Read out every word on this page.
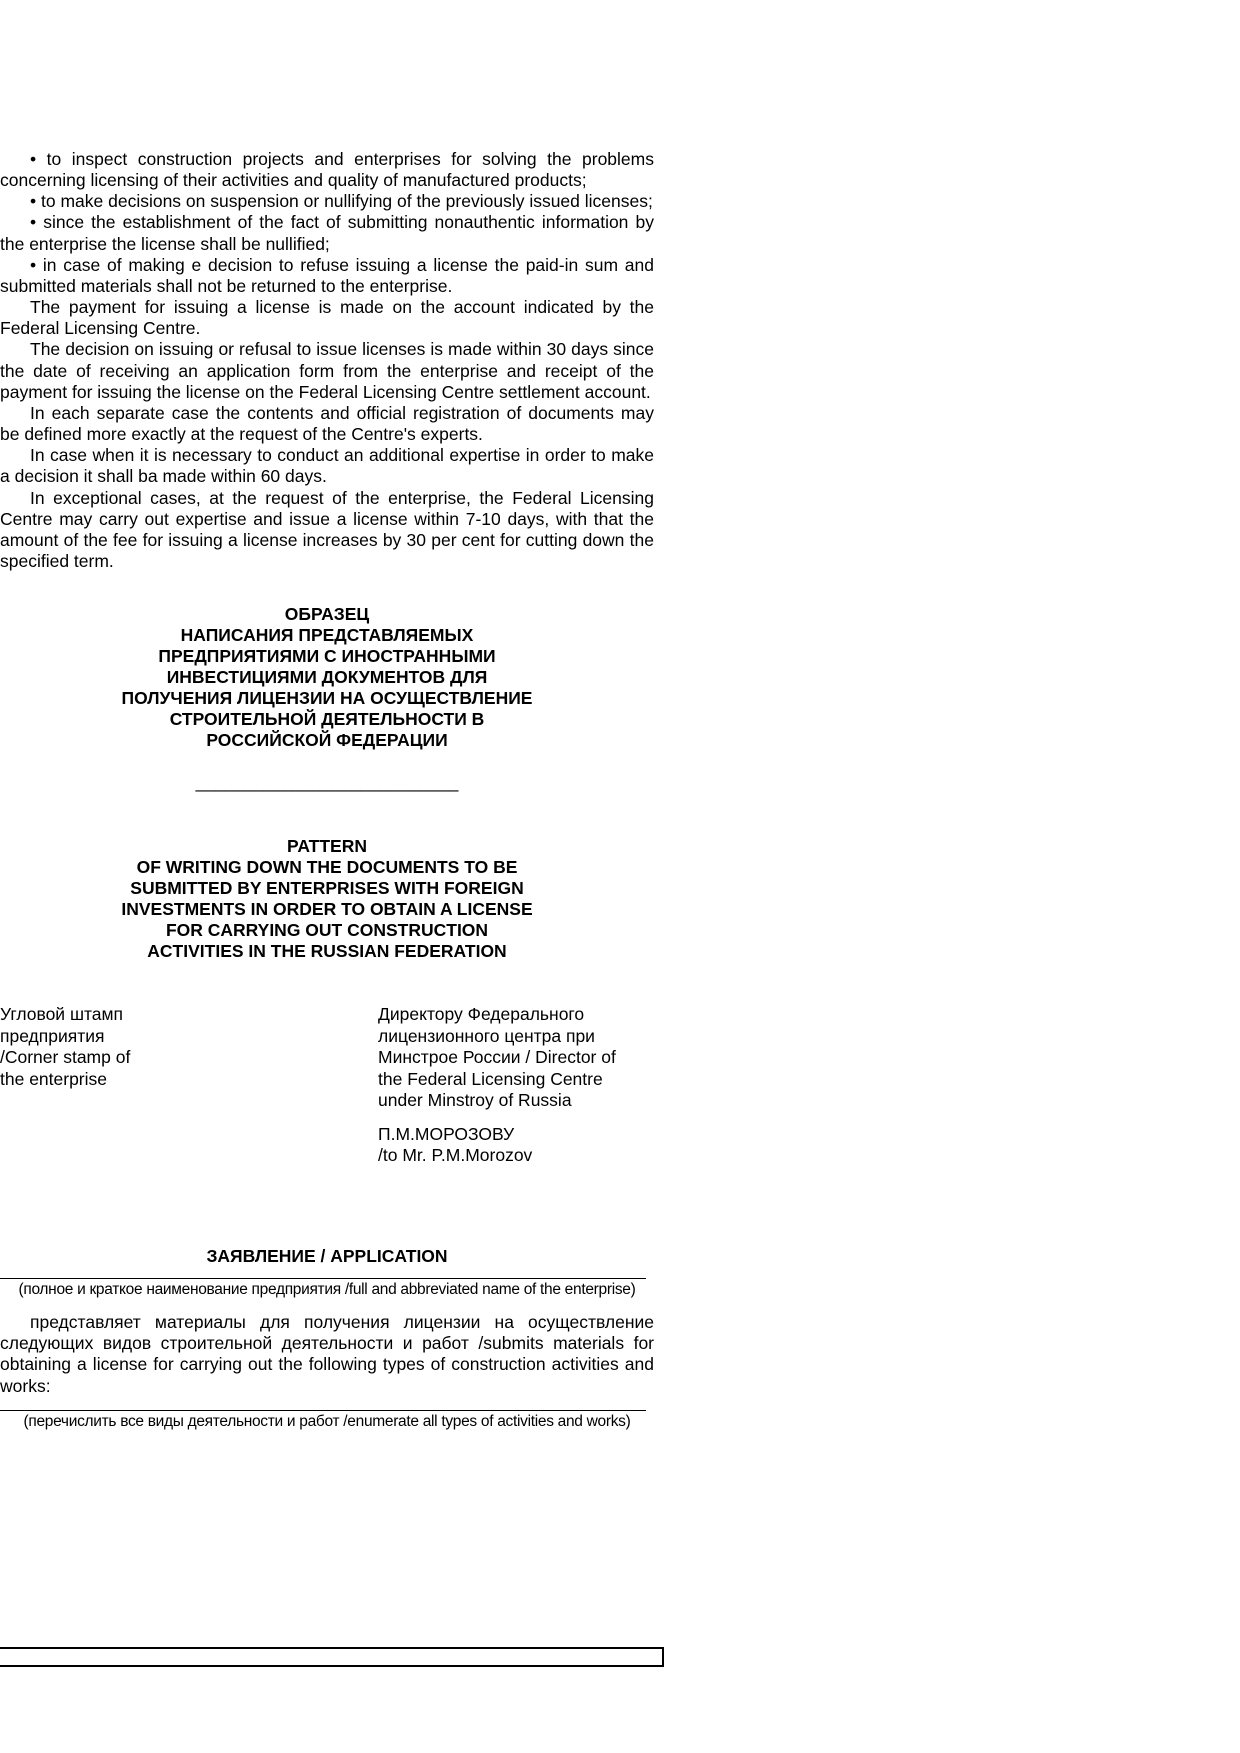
• to inspect construction projects and enterprises for solving the problems concerning licensing of their activities and quality of manufactured products;

• to make decisions on suspension or nullifying of the previously issued licenses;

• since the establishment of the fact of submitting nonauthentic information by the enterprise the license shall be nullified;

• in case of making e decision to refuse issuing a license the paid-in sum and submitted materials shall not be returned to the enterprise.

The payment for issuing a license is made on the account indicated by the Federal Licensing Centre.

The decision on issuing or refusal to issue licenses is made within 30 days since the date of receiving an application form from the enterprise and receipt of the payment for issuing the license on the Federal Licensing Centre settlement account.

In each separate case the contents and official registration of documents may be defined more exactly at the request of the Centre's experts.

In case when it is necessary to conduct an additional expertise in order to make a decision it shall ba made within 60 days.

In exceptional cases, at the request of the enterprise, the Federal Licensing Centre may carry out expertise and issue a license within 7-10 days, with that the amount of the fee for issuing a license increases by 30 per cent for cutting down the specified term.

ОБРАЗЕЦ
НАПИСАНИЯ ПРЕДСТАВЛЯЕМЫХ
ПРЕДПРИЯТИЯМИ С ИНОСТРАННЫМИ
ИНВЕСТИЦИЯМИ ДОКУМЕНТОВ ДЛЯ
ПОЛУЧЕНИЯ ЛИЦЕНЗИИ НА ОСУЩЕСТВЛЕНИЕ
СТРОИТЕЛЬНОЙ ДЕЯТЕЛЬНОСТИ В
РОССИЙСКОЙ ФЕДЕРАЦИИ

___________________________

PATTERN
OF WRITING DOWN THE DOCUMENTS TO BE
SUBMITTED BY ENTERPRISES WITH FOREIGN
INVESTMENTS IN ORDER TO OBTAIN A LICENSE
FOR CARRYING OUT CONSTRUCTION
ACTIVITIES IN THE RUSSIAN FEDERATION
Угловой штамп
предприятия
/Corner stamp of
the enterprise
Директору Федерального
лицензионного центра при
Минстрое России / Director of
the Federal Licensing Centre
under Minstroy of Russia
П.М.МОРОЗОВУ
/to Mr. P.M.Morozov
ЗАЯВЛЕНИЕ / APPLICATION

(полное и краткое наименование предприятия /full and abbreviated name of the enterprise)

представляет материалы для получения лицензии на осуществление следующих видов строительной деятельности и работ /submits materials for obtaining a license for carrying out the following types of construction activities and works:

(перечислить все виды деятельности и работ /enumerate all types of activities and works)
